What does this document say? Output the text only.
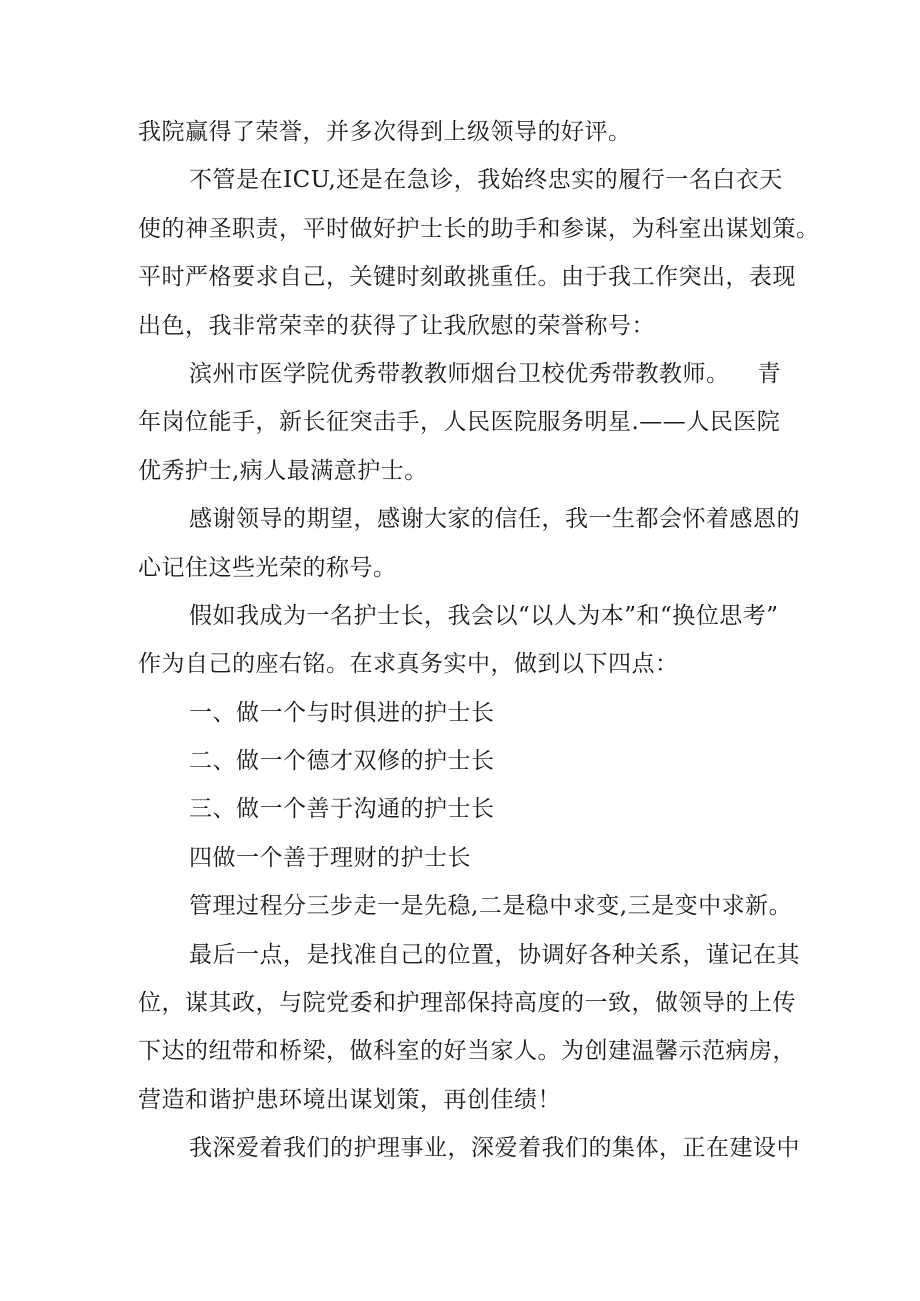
我院赢得了荣誉，并多次得到上级领导的好评。
不管是在ICU,还是在急诊，我始终忠实的履行一名白衣天
使的神圣职责，平时做好护士长的助手和参谋，为科室出谋划策。
平时严格要求自己，关键时刻敢挑重任。由于我工作突出，表现
出色，我非常荣幸的获得了让我欣慰的荣誉称号：
滨州市医学院优秀带教教师烟台卫校优秀带教教师。 青
年岗位能手，新长征突击手，人民医院服务明星.——人民医院
优秀护士,病人最满意护士。
感谢领导的期望，感谢大家的信任，我一生都会怀着感恩的
心记住这些光荣的称号。
假如我成为一名护士长，我会以“以人为本”和“换位思考”
作为自己的座右铭。在求真务实中，做到以下四点：
一、做一个与时俱进的护士长
二、做一个德才双修的护士长
三、做一个善于沟通的护士长
四做一个善于理财的护士长
管理过程分三步走一是先稳,二是稳中求变,三是变中求新。
最后一点，是找准自己的位置，协调好各种关系，谨记在其
位，谋其政，与院党委和护理部保持高度的一致，做领导的上传
下达的纽带和桥梁，做科室的好当家人。为创建温馨示范病房，
营造和谐护患环境出谋划策，再创佳绩！
我深爱着我们的护理事业，深爱着我们的集体，正在建设中
